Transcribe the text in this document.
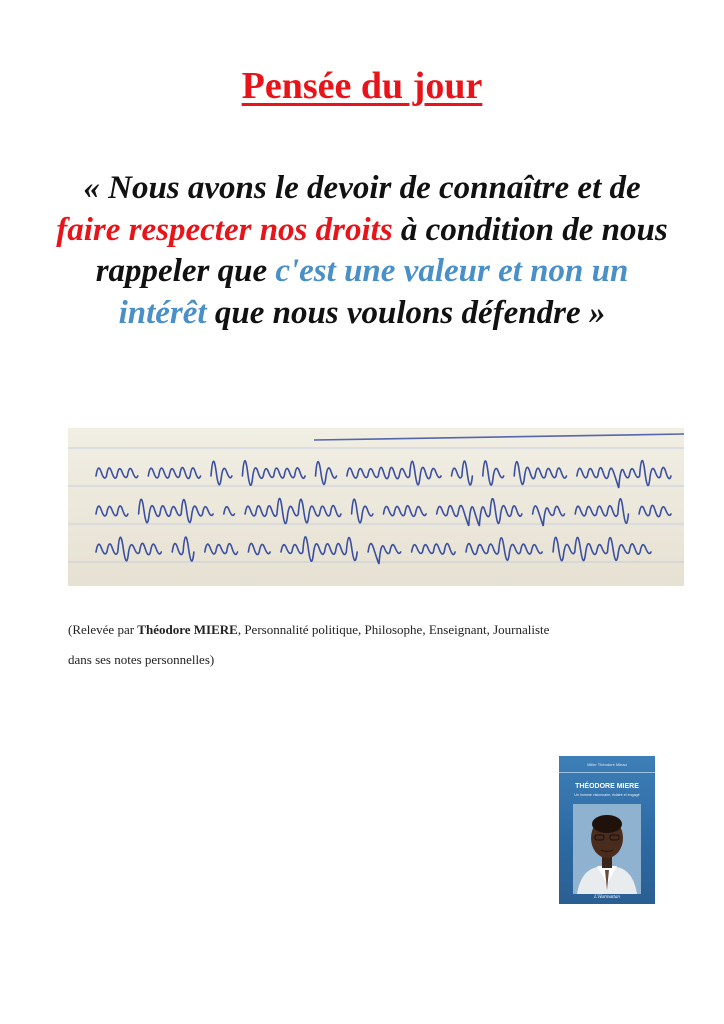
Pensée du jour
« Nous avons le devoir de connaître et de faire respecter nos droits à condition de nous rappeler que c'est une valeur et non un intérêt que nous voulons défendre »
(Relevée par Théodore MIERE, Personnalité politique, Philosophe, Enseignant, Journaliste
dans ses notes personnelles)
Miller Théodore Mieau
THÉODORE MIERE
Un homme visionnaire, éclairé et engagé
L'Harmattan
